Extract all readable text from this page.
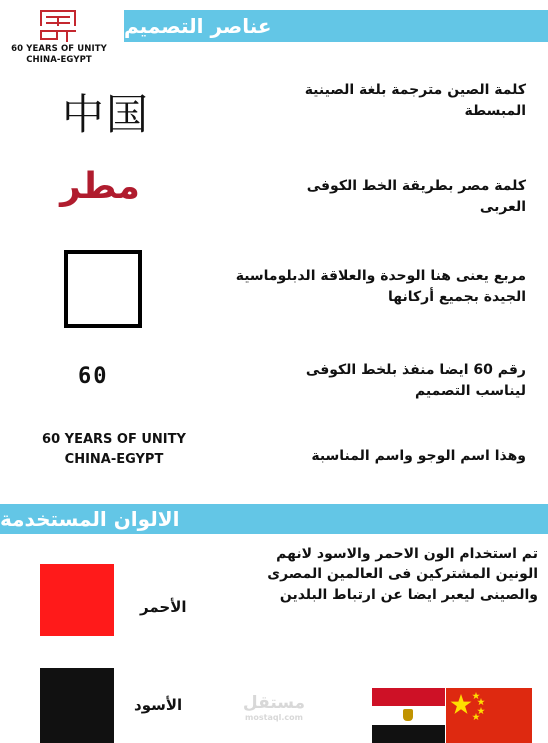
60 YEARS OF UNITY
CHINA-EGYPT
عناصر التصميم
中国	كلمة الصين مترجمة بلغة الصينية المبسطة
مطر	كلمة مصر بطريقة الخط الكوفى العربى
مربع يعنى هنا الوحدة والعلاقة الدبلوماسية الجيدة بجميع أركانها
60	رقم 60 ايضا منفذ بلخط الكوفى ليناسب التصميم
60 YEARS OF UNITY
CHINA-EGYPT	وهذا اسم الوجو واسم المناسبة
الالوان المستخدمة
تم استخدام الون الاحمر والاسود لانهم الونين المشتركين فى العالمين المصرى والصينى ليعبر ايضا عن ارتباط البلدين
الأحمر
الأسود	مستقل
mostaql.com
